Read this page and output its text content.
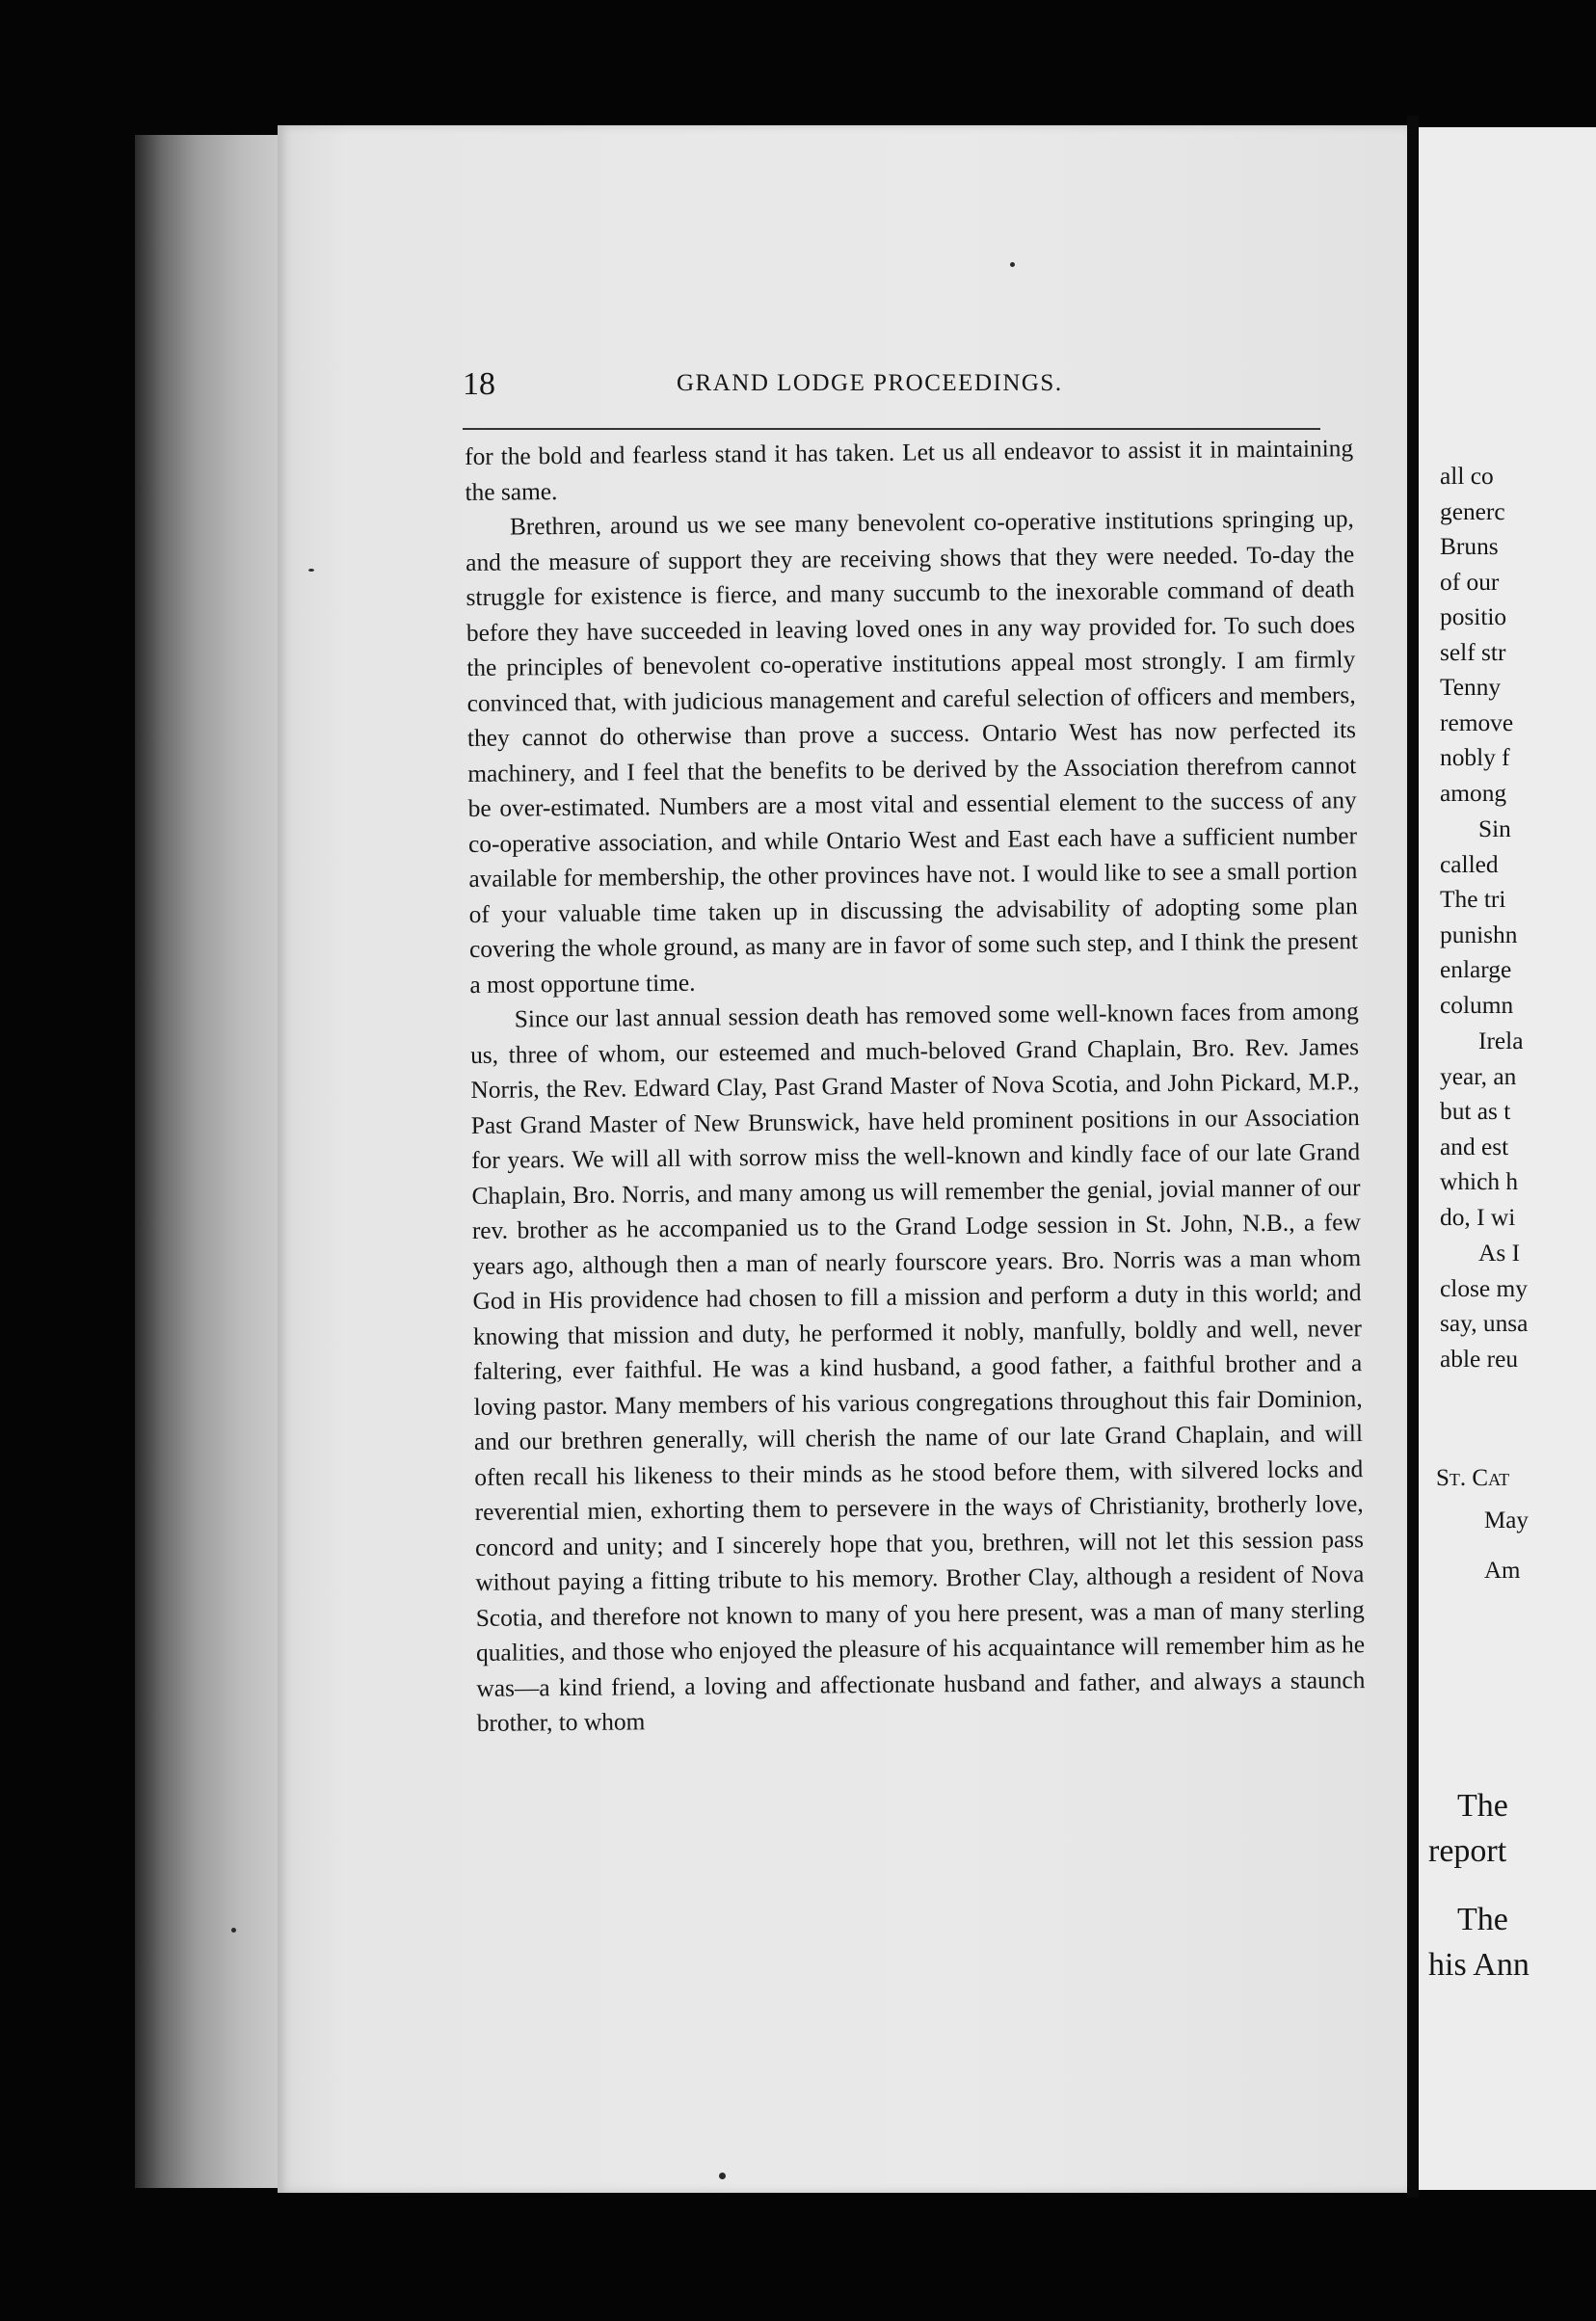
18	GRAND LODGE PROCEEDINGS.

for the bold and fearless stand it has taken. Let us all endeavor to assist it in maintaining the same.

Brethren, around us we see many benevolent co-operative institutions springing up, and the measure of support they are receiving shows that they were needed. To-day the struggle for existence is fierce, and many succumb to the inexorable command of death before they have succeeded in leaving loved ones in any way provided for. To such does the principles of benevolent co-operative institutions appeal most strongly. I am firmly convinced that, with judicious management and careful selection of officers and members, they cannot do otherwise than prove a success. Ontario West has now perfected its machinery, and I feel that the benefits to be derived by the Association therefrom cannot be over-estimated. Numbers are a most vital and essential element to the success of any co-operative association, and while Ontario West and East each have a sufficient number available for membership, the other provinces have not. I would like to see a small portion of your valuable time taken up in discussing the advisability of adopting some plan covering the whole ground, as many are in favor of some such step, and I think the present a most opportune time.

Since our last annual session death has removed some well-known faces from among us, three of whom, our esteemed and much-beloved Grand Chaplain, Bro. Rev. James Norris, the Rev. Edward Clay, Past Grand Master of Nova Scotia, and John Pickard, M.P., Past Grand Master of New Brunswick, have held prominent positions in our Association for years. We will all with sorrow miss the well-known and kindly face of our late Grand Chaplain, Bro. Norris, and many among us will remember the genial, jovial manner of our rev. brother as he accompanied us to the Grand Lodge session in St. John, N.B., a few years ago, although then a man of nearly fourscore years. Bro. Norris was a man whom God in His providence had chosen to fill a mission and perform a duty in this world; and knowing that mission and duty, he performed it nobly, manfully, boldly and well, never faltering, ever faithful. He was a kind husband, a good father, a faithful brother and a loving pastor. Many members of his various congregations throughout this fair Dominion, and our brethren generally, will cherish the name of our late Grand Chaplain, and will often recall his likeness to their minds as he stood before them, with silvered locks and reverential mien, exhorting them to persevere in the ways of Christianity, brotherly love, concord and unity; and I sincerely hope that you, brethren, will not let this session pass without paying a fitting tribute to his memory. Brother Clay, although a resident of Nova Scotia, and therefore not known to many of you here present, was a man of many sterling qualities, and those who enjoyed the pleasure of his acquaintance will remember him as he was—a kind friend, a loving and affectionate husband and father, and always a staunch brother, to whom

all co
generc
Bruns
of our
positio
self str
Tenny
remove
nobly f
among
Sin
called
The tri
punishn
enlarge
column
Irela
year, an
but as t
and est
which h
do, I wi
As I
close my
say, unsa
able reu
St. Cat
May
Am
The
report
The
his Ann
